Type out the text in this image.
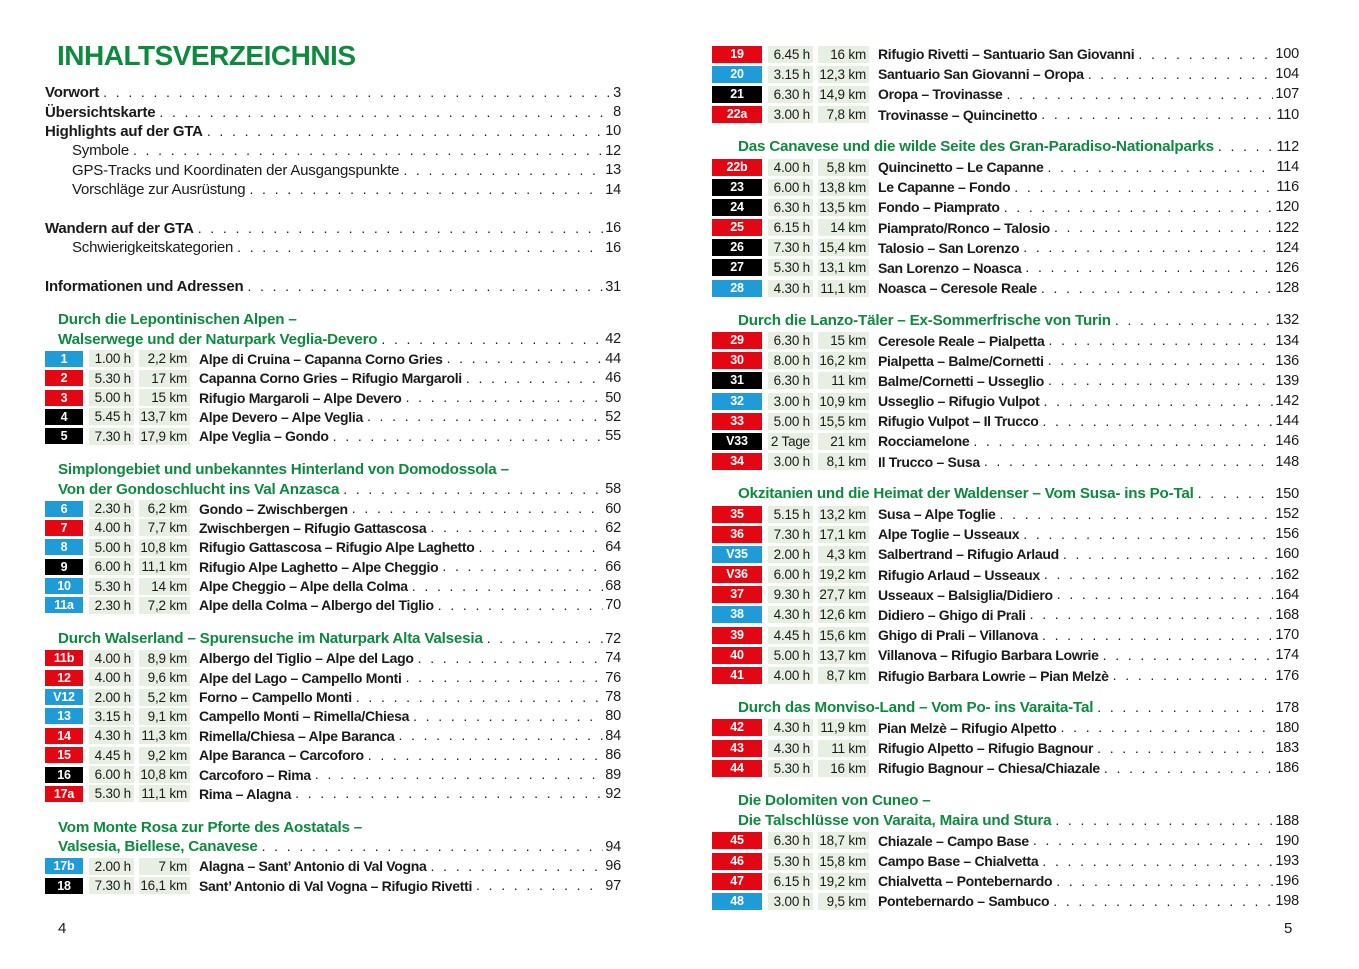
INHALTSVERZEICHNIS
Vorwort . . .	3
Übersichtskarte . . .	8
Highlights auf der GTA . . .	10
Symbole . . .	12
GPS-Tracks und Koordinaten der Ausgangspunkte . . .	13
Vorschläge zur Ausrüstung . . .	14
Wandern auf der GTA . . .	16
Schwierigkeitskategorien . . .	16
Informationen und Adressen . . .	31
Durch die Lepontinischen Alpen –
Walserwege und der Naturpark Veglia-Devero . . .	42
1	1.00 h	2,2 km Alpe di Cruina – Capanna Corno Gries . . .	44
2	5.30 h	17 km Capanna Corno Gries – Rifugio Margaroli . . .	46
3	5.00 h	15 km Rifugio Margaroli – Alpe Devero . . .	50
4	5.45 h 13,7 km Alpe Devero – Alpe Veglia . . .	52
5	7.30 h 17,9 km Alpe Veglia – Gondo . . .	55
Simplongebiet und unbekanntes Hinterland von Domodossola –
Von der Gondoschlucht ins Val Anzasca . . .	58
6	2.30 h	6,2 km Gondo – Zwischbergen . . .	60
7	4.00 h	7,7 km Zwischbergen – Rifugio Gattascosa . . .	62
8	5.00 h 10,8 km Rifugio Gattascosa – Rifugio Alpe Laghetto . . .	64
9	6.00 h 11,1 km Rifugio Alpe Laghetto – Alpe Cheggio . . .	66
10	5.30 h	14 km Alpe Cheggio – Alpe della Colma . . .	68
11a	2.30 h	7,2 km Alpe della Colma – Albergo del Tiglio . . .	70
Durch Walserland – Spurensuche im Naturpark Alta Valsesia . . .	72
11b	4.00 h	8,9 km Albergo del Tiglio – Alpe del Lago . . .	74
12	4.00 h	9,6 km Alpe del Lago – Campello Monti . . .	76
V12	2.00 h	5,2 km Forno – Campello Monti . . .	78
13	3.15 h	9,1 km Campello Monti – Rimella/Chiesa . . .	80
14	4.30 h 11,3 km Rimella/Chiesa – Alpe Baranca . . .	84
15	4.45 h	9,2 km Alpe Baranca – Carcoforo . . .	86
16	6.00 h 10,8 km Carcoforo – Rima . . .	89
17a	5.30 h 11,1 km Rima – Alagna . . .	92
Vom Monte Rosa zur Pforte des Aostatals –
Valsesia, Biellese, Canavese . . .	94
17b	2.00 h	7 km Alagna – Sant’ Antonio di Val Vogna . . .	96
18	7.30 h 16,1 km Sant’ Antonio di Val Vogna – Rifugio Rivetti . . .	97
19	6.45 h	16 km Rifugio Rivetti – Santuario San Giovanni . . .	100
20	3.15 h 12,3 km Santuario San Giovanni – Oropa . . .	104
21	6.30 h 14,9 km Oropa – Trovinasse . . .	107
22a	3.00 h	7,8 km Trovinasse – Quincinetto . . .	110
Das Canavese und die wilde Seite des Gran-Paradiso-Nationalparks . . .	112
22b	4.00 h	5,8 km Quincinetto – Le Capanne . . .	114
23	6.00 h 13,8 km Le Capanne – Fondo . . .	116
24	6.30 h 13,5 km Fondo – Piamprato . . .	120
25	6.15 h	14 km Piamprato/Ronco – Talosio . . .	122
26	7.30 h 15,4 km Talosio – San Lorenzo . . .	124
27	5.30 h 13,1 km San Lorenzo – Noasca . . .	126
28	4.30 h 11,1 km Noasca – Ceresole Reale . . .	128
Durch die Lanzo-Täler – Ex-Sommerfrische von Turin . . .	132
29	6.30 h	15 km Ceresole Reale – Pialpetta . . .	134
30	8.00 h 16,2 km Pialpetta – Balme/Cornetti . . .	136
31	6.30 h	11 km Balme/Cornetti – Usseglio . . .	139
32	3.00 h 10,9 km Usseglio – Rifugio Vulpot . . .	142
33	5.00 h 15,5 km Rifugio Vulpot – Il Trucco . . .	144
V33	2 Tage	21 km Rocciamelone . . .	146
34	3.00 h	8,1 km Il Trucco – Susa . . .	148
Okzitanien und die Heimat der Waldenser – Vom Susa- ins Po-Tal . . .	150
35	5.15 h 13,2 km Susa – Alpe Toglie . . .	152
36	7.30 h 17,1 km Alpe Toglie – Usseaux . . .	156
V35	2.00 h	4,3 km Salbertrand – Rifugio Arlaud . . .	160
V36	6.00 h 19,2 km Rifugio Arlaud – Usseaux . . .	162
37	9.30 h 27,7 km Usseaux – Balsiglia/Didiero . . .	164
38	4.30 h 12,6 km Didiero – Ghigo di Prali . . .	168
39	4.45 h 15,6 km Ghigo di Prali – Villanova . . .	170
40	5.00 h 13,7 km Villanova – Rifugio Barbara Lowrie . . .	174
41	4.00 h	8,7 km Rifugio Barbara Lowrie – Pian Melzè . . .	176
Durch das Monviso-Land – Vom Po- ins Varaita-Tal . . .	178
42	4.30 h 11,9 km Pian Melzè – Rifugio Alpetto . . .	180
43	4.30 h	11 km Rifugio Alpetto – Rifugio Bagnour . . .	183
44	5.30 h	16 km Rifugio Bagnour – Chiesa/Chiazale . . .	186
Die Dolomiten von Cuneo –
Die Talschlüsse von Varaita, Maira und Stura . . .	188
45	6.30 h 18,7 km Chiazale – Campo Base . . .	190
46	5.30 h 15,8 km Campo Base – Chialvetta . . .	193
47	6.15 h 19,2 km Chialvetta – Pontebernardo . . .	196
48	3.00 h	9,5 km Pontebernardo – Sambuco . . .	198
4	5
